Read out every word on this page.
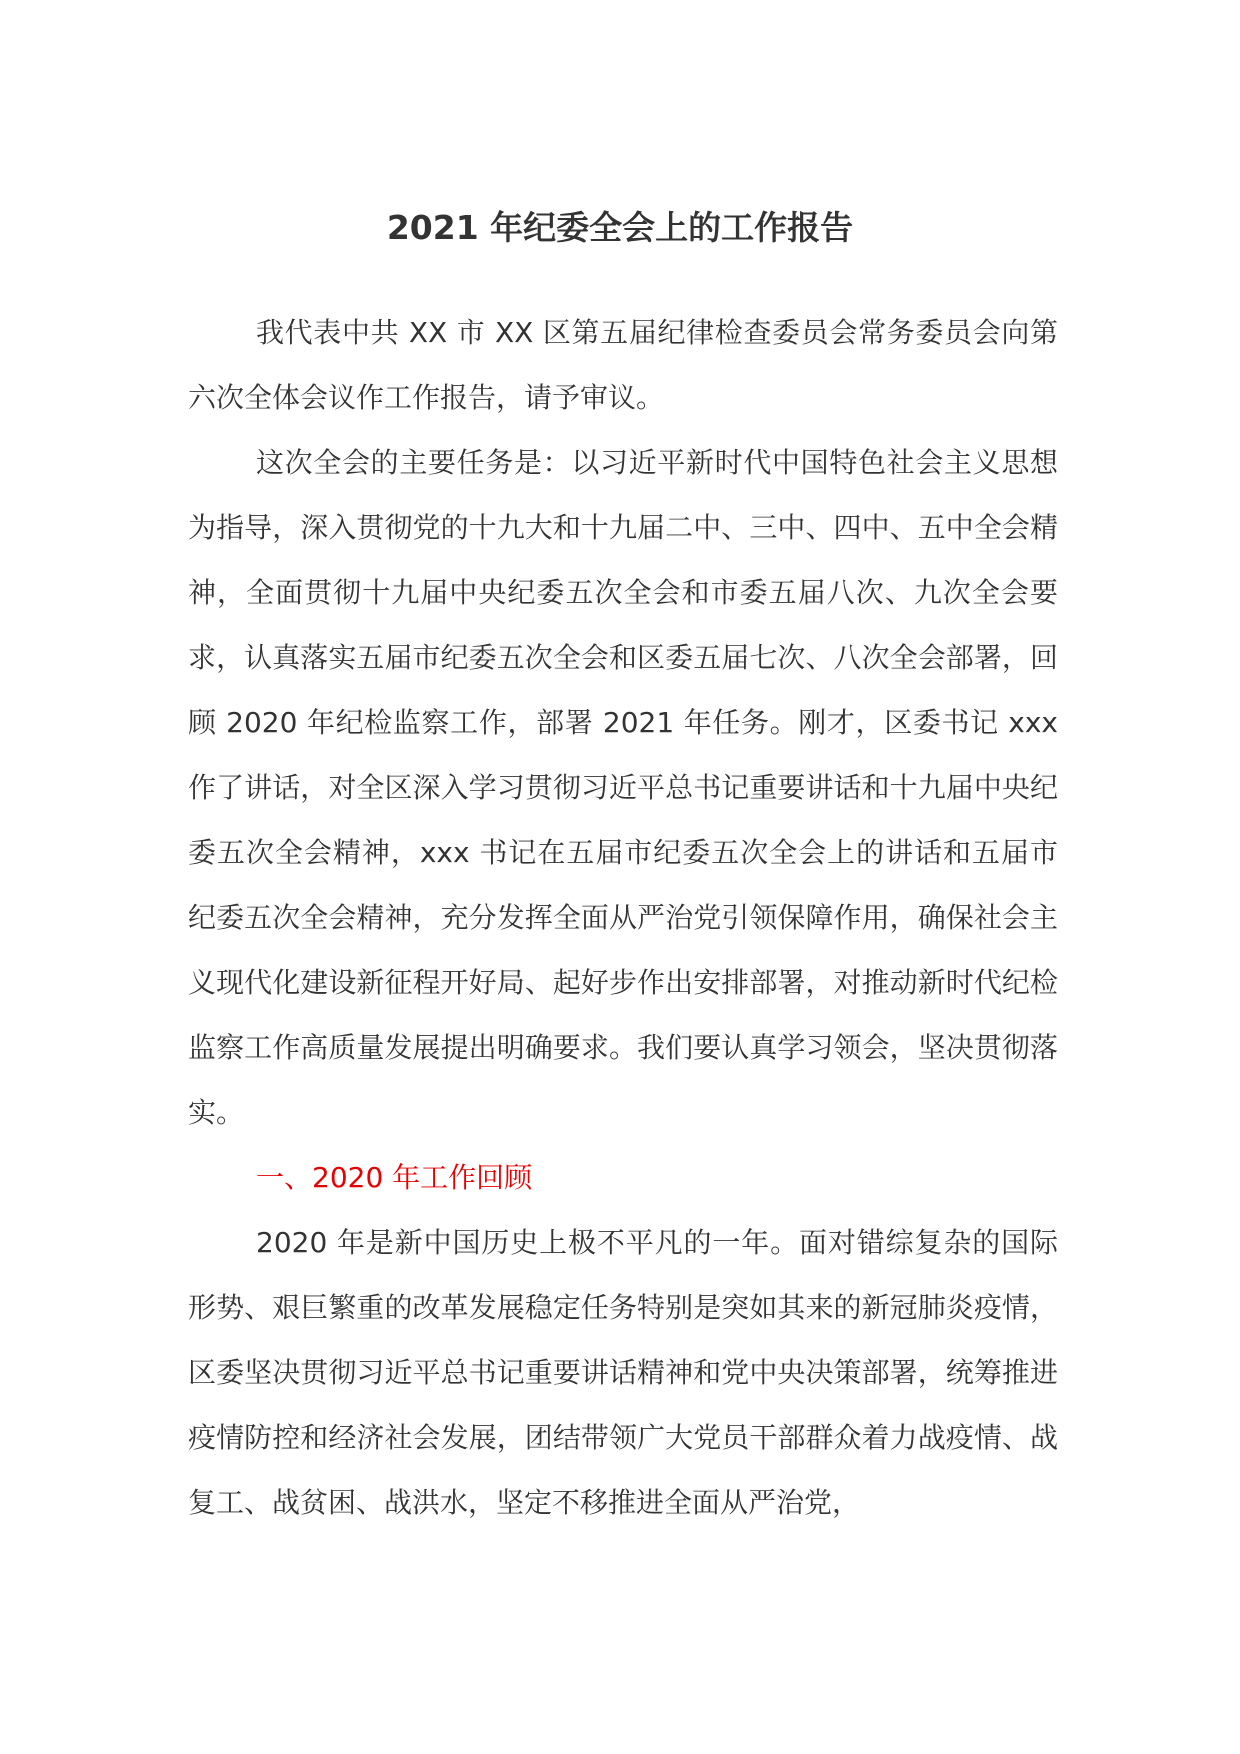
2021 年纪委全会上的工作报告

我代表中共 XX 市 XX 区第五届纪律检查委员会常务委员会向第六次全体会议作工作报告，请予审议。

这次全会的主要任务是：以习近平新时代中国特色社会主义思想为指导，深入贯彻党的十九大和十九届二中、三中、四中、五中全会精神，全面贯彻十九届中央纪委五次全会和市委五届八次、九次全会要求，认真落实五届市纪委五次全会和区委五届七次、八次全会部署，回顾 2020 年纪检监察工作，部署 2021 年任务。刚才，区委书记 xxx 作了讲话，对全区深入学习贯彻习近平总书记重要讲话和十九届中央纪委五次全会精神，xxx 书记在五届市纪委五次全会上的讲话和五届市纪委五次全会精神，充分发挥全面从严治党引领保障作用，确保社会主义现代化建设新征程开好局、起好步作出安排部署，对推动新时代纪检监察工作高质量发展提出明确要求。我们要认真学习领会，坚决贯彻落实。

一、2020 年工作回顾

2020 年是新中国历史上极不平凡的一年。面对错综复杂的国际形势、艰巨繁重的改革发展稳定任务特别是突如其来的新冠肺炎疫情，区委坚决贯彻习近平总书记重要讲话精神和党中央决策部署，统筹推进疫情防控和经济社会发展，团结带领广大党员干部群众着力战疫情、战复工、战贫困、战洪水，坚定不移推进全面从严治党，
